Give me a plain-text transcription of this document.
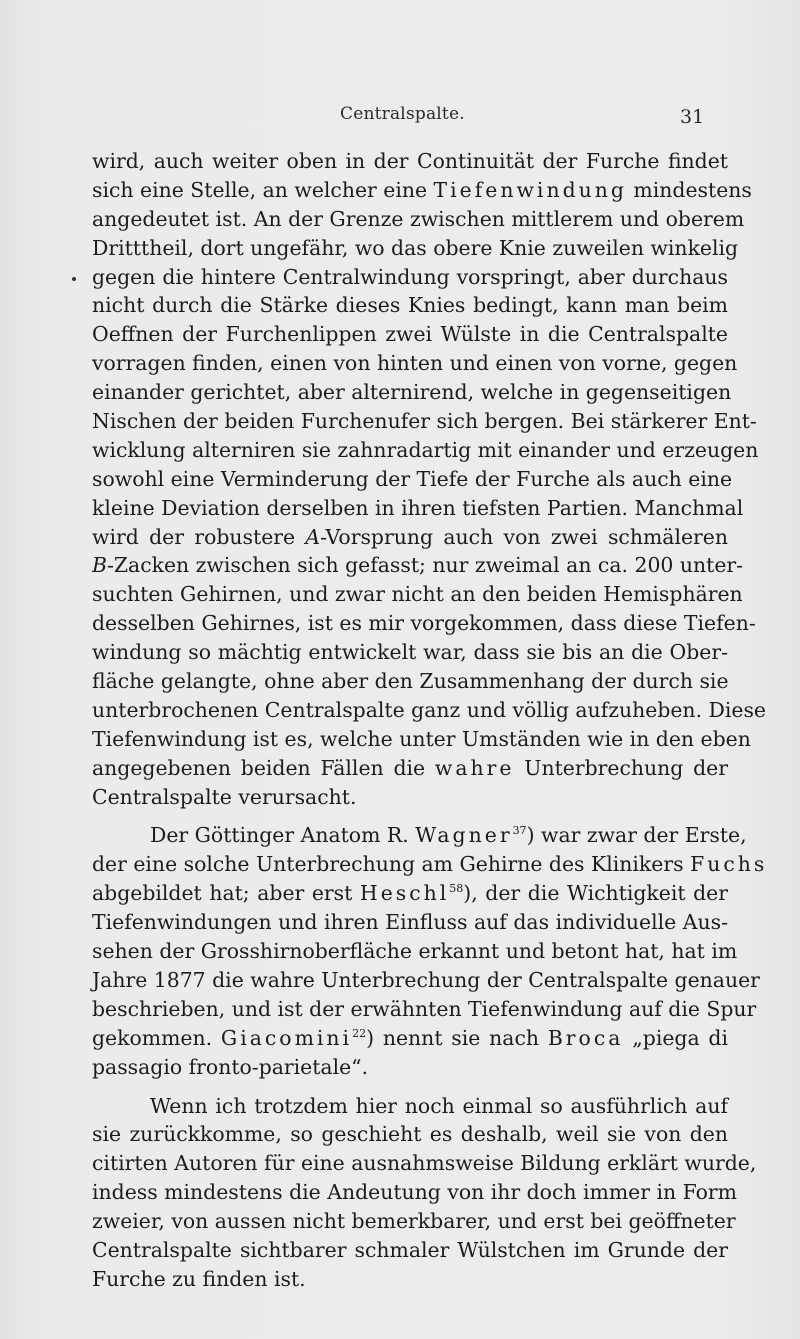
Centralspalte.	31
wird, auch weiter oben in der Continuität der Furche findet
sich eine Stelle, an welcher eine Tiefenwindung mindestens
angedeutet ist. An der Grenze zwischen mittlerem und oberem
Dritttheil, dort ungefähr, wo das obere Knie zuweilen winkelig
gegen die hintere Centralwindung vorspringt, aber durchaus
nicht durch die Stärke dieses Knies bedingt, kann man beim
Oeffnen der Furchenlippen zwei Wülste in die Centralspalte
vorragen finden, einen von hinten und einen von vorne, gegen
einander gerichtet, aber alternirend, welche in gegenseitigen
Nischen der beiden Furchenufer sich bergen. Bei stärkerer Ent-
wicklung alterniren sie zahnradartig mit einander und erzeugen
sowohl eine Verminderung der Tiefe der Furche als auch eine
kleine Deviation derselben in ihren tiefsten Partien. Manchmal
wird der robustere A-Vorsprung auch von zwei schmäleren
B-Zacken zwischen sich gefasst; nur zweimal an ca. 200 unter-
suchten Gehirnen, und zwar nicht an den beiden Hemisphären
desselben Gehirnes, ist es mir vorgekommen, dass diese Tiefen-
windung so mächtig entwickelt war, dass sie bis an die Ober-
fläche gelangte, ohne aber den Zusammenhang der durch sie
unterbrochenen Centralspalte ganz und völlig aufzuheben. Diese
Tiefenwindung ist es, welche unter Umständen wie in den eben
angegebenen beiden Fällen die wahre Unterbrechung der
Centralspalte verursacht.
Der Göttinger Anatom R. Wagner$^{37}$) war zwar der Erste,
der eine solche Unterbrechung am Gehirne des Klinikers Fuchs
abgebildet hat; aber erst Heschl$^{58}$), der die Wichtigkeit der
Tiefenwindungen und ihren Einfluss auf das individuelle Aus-
sehen der Grosshirnoberfläche erkannt und betont hat, hat im
Jahre 1877 die wahre Unterbrechung der Centralspalte genauer
beschrieben, und ist der erwähnten Tiefenwindung auf die Spur
gekommen. Giacomini$^{22}$) nennt sie nach Broca „piega di
passagio fronto-parietale“.
Wenn ich trotzdem hier noch einmal so ausführlich auf
sie zurückkomme, so geschieht es deshalb, weil sie von den
citirten Autoren für eine ausnahmsweise Bildung erklärt wurde,
indess mindestens die Andeutung von ihr doch immer in Form
zweier, von aussen nicht bemerkbarer, und erst bei geöffneter
Centralspalte sichtbarer schmaler Wülstchen im Grunde der
Furche zu finden ist.
